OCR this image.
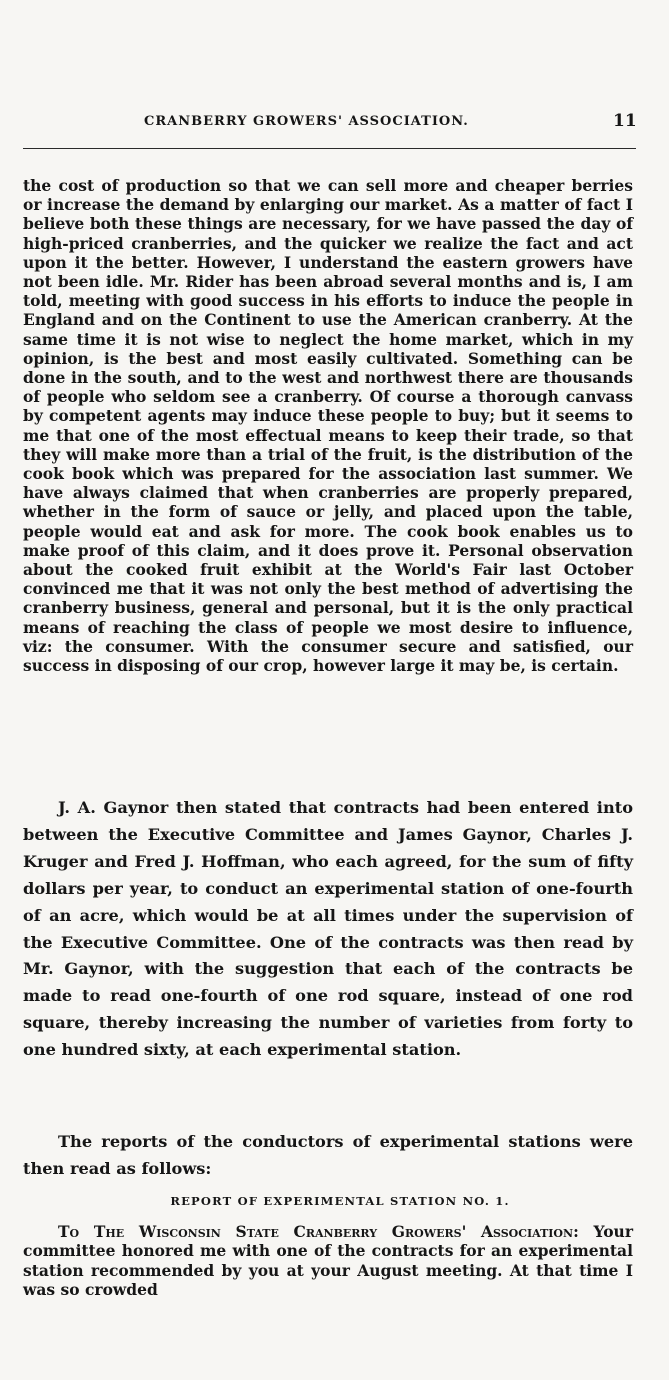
CRANBERRY GROWERS' ASSOCIATION.	11

the cost of production so that we can sell more and cheaper berries or increase the demand by enlarging our market. As a matter of fact I believe both these things are necessary, for we have passed the day of high-priced cranberries, and the quicker we realize the fact and act upon it the better. However, I understand the eastern growers have not been idle. Mr. Rider has been abroad several months and is, I am told, meeting with good success in his efforts to induce the people in England and on the Continent to use the American cranberry. At the same time it is not wise to neglect the home market, which in my opinion, is the best and most easily cultivated. Something can be done in the south, and to the west and northwest there are thousands of people who seldom see a cranberry. Of course a thorough canvass by competent agents may induce these people to buy; but it seems to me that one of the most effectual means to keep their trade, so that they will make more than a trial of the fruit, is the distribution of the cook book which was prepared for the association last summer. We have always claimed that when cranberries are properly prepared, whether in the form of sauce or jelly, and placed upon the table, people would eat and ask for more. The cook book enables us to make proof of this claim, and it does prove it. Personal observation about the cooked fruit exhibit at the World's Fair last October convinced me that it was not only the best method of advertising the cranberry business, general and personal, but it is the only practical means of reaching the class of people we most desire to influence, viz: the consumer. With the consumer secure and satisfied, our success in disposing of our crop, however large it may be, is certain.

J. A. Gaynor then stated that contracts had been entered into between the Executive Committee and James Gaynor, Charles J. Kruger and Fred J. Hoffman, who each agreed, for the sum of fifty dollars per year, to conduct an experimental station of one-fourth of an acre, which would be at all times under the supervision of the Executive Committee. One of the contracts was then read by Mr. Gaynor, with the suggestion that each of the contracts be made to read one-fourth of one rod square, instead of one rod square, thereby increasing the number of varieties from forty to one hundred sixty, at each experimental station.

The reports of the conductors of experimental stations were then read as follows:

REPORT OF EXPERIMENTAL STATION NO. 1.

To The Wisconsin State Cranberry Growers' Association: Your committee honored me with one of the contracts for an experimental station recommended by you at your August meeting. At that time I was so crowded
